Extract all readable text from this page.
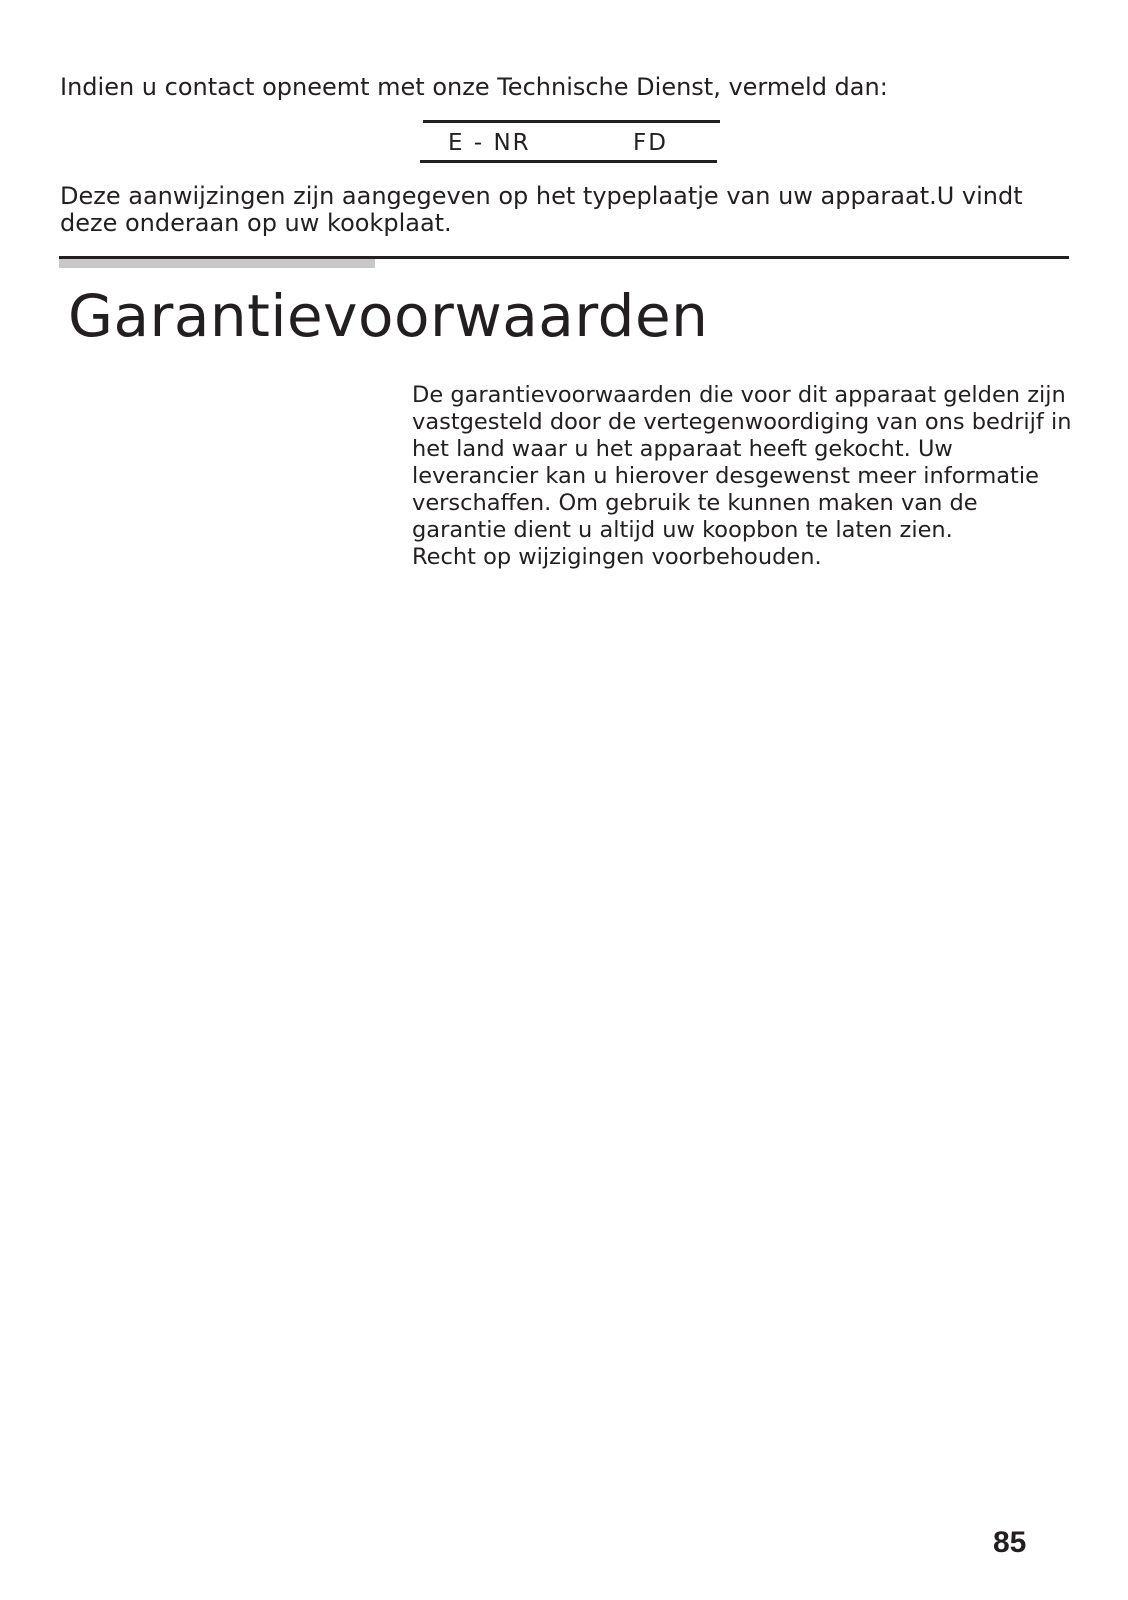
Indien u contact opneemt met onze Technische Dienst, vermeld dan:
E - NR	FD
Deze aanwijzingen zijn aangegeven op het typeplaatje van uw apparaat.U vindt deze onderaan op uw kookplaat.
Garantievoorwaarden

De garantievoorwaarden die voor dit apparaat gelden zijn vastgesteld door de vertegenwoordiging van ons bedrijf in het land waar u het apparaat heeft gekocht. Uw leverancier kan u hierover desgewenst meer informatie verschaffen. Om gebruik te kunnen maken van de garantie dient u altijd uw koopbon te laten zien.

Recht op wijzigingen voorbehouden.

85
